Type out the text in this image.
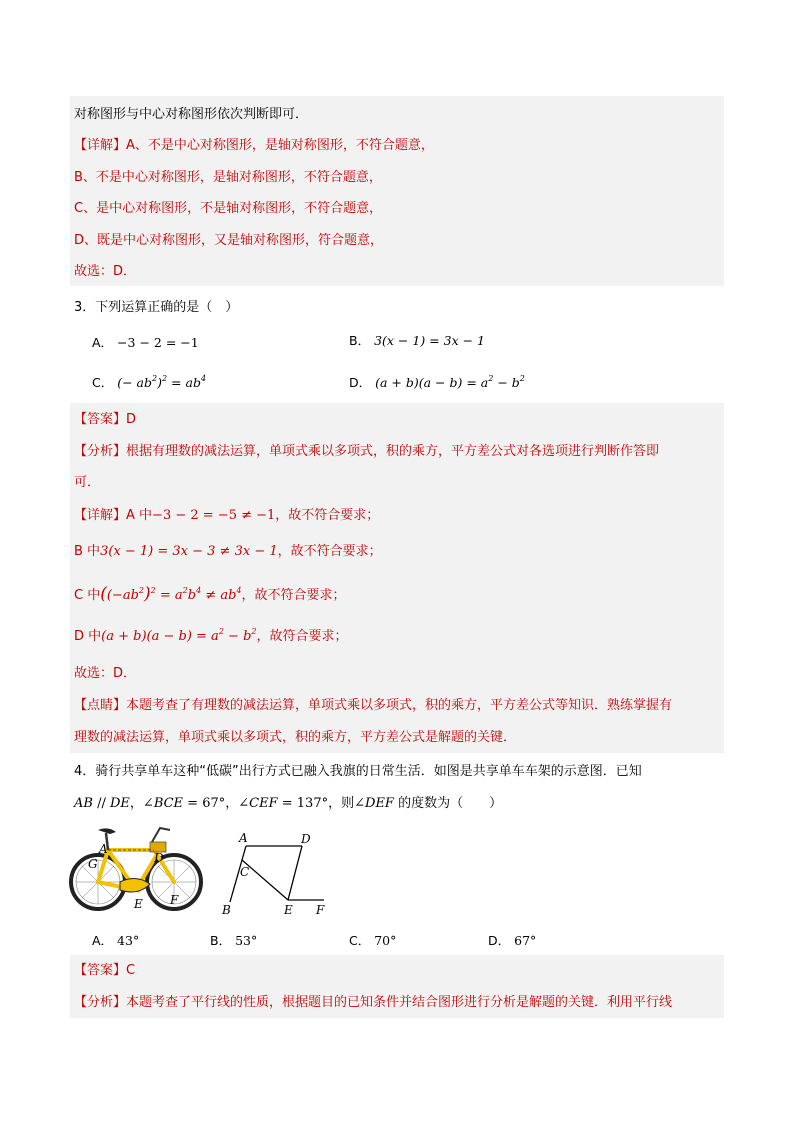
对称图形与中心对称图形依次判断即可．
【详解】A、不是中心对称图形，是轴对称图形，不符合题意，
B、不是中心对称图形，是轴对称图形，不符合题意，
C、是中心对称图形，不是轴对称图形，不符合题意，
D、既是中心对称图形，又是轴对称图形，符合题意，
故选：D．
3．下列运算正确的是（　）
A． −3 − 2 = −1	B． 3(x − 1) = 3x − 1
C． (− $ab^2)^2 = ab^4$	D． $(a + b)(a - b) = a^2 - b^2$
【答案】D
【分析】根据有理数的减法运算，单项式乘以多项式，积的乘方，平方差公式对各选项进行判断作答即
可．
【详解】A 中−3 − 2 = −5 ≠ −1，故不符合要求；
B 中3(x − 1) = 3x − 3 ≠ 3x − 1，故不符合要求；
C 中($(-ab^2)^2 = a^2b^4 \ne ab^4$，故不符合要求；
D 中$(a + b)(a - b) = a^2 - b^2$，故符合要求；
故选：D．
【点睛】本题考查了有理数的减法运算，单项式乘以多项式，积的乘方，平方差公式等知识．熟练掌握有
理数的减法运算，单项式乘以多项式，积的乘方，平方差公式是解题的关键．
4．骑行共享单车这种“低碳”出行方式已融入我旗的日常生活．如图是共享单车车架的示意图．已知
AB // DE，∠BCE = 67°，∠CEF = 137°，则∠DEF 的度数为（　　）
A
G	D
E F
A	D
C
B	E F
A． 43°	B． 53°	C． 70°	D． 67°
【答案】C
【分析】本题考查了平行线的性质，根据题目的已知条件并结合图形进行分析是解题的关键．利用平行线
